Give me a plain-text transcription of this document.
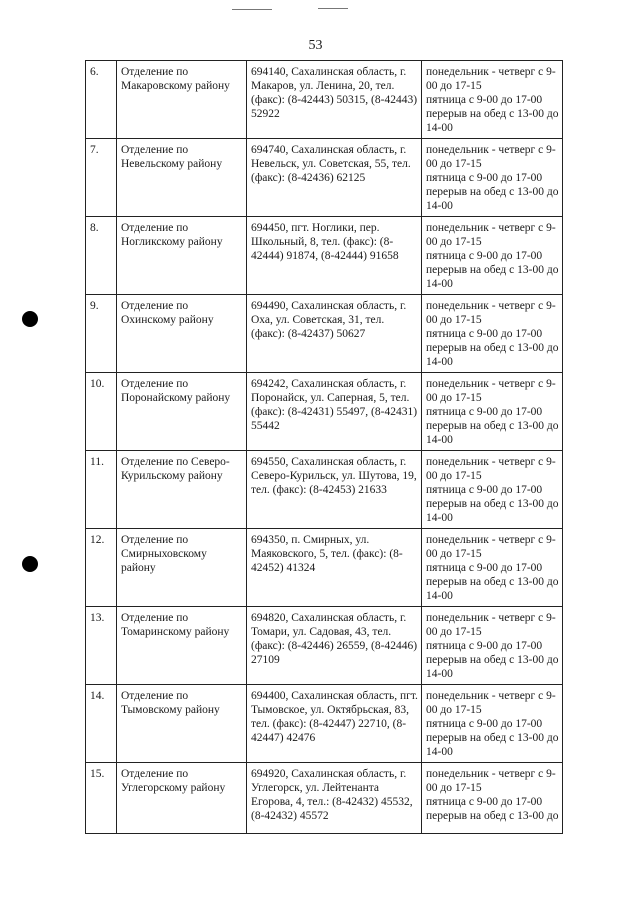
53
6.	Отделение по Макаровскому району	694140, Сахалинская область, г. Макаров, ул. Ленина, 20, тел. (факс): (8-42443) 50315, (8-42443) 52922	понедельник - четверг с 9-00 до 17-15
пятница с 9-00 до 17-00
перерыв на обед с 13-00 до 14-00

7.	Отделение по Невельскому району	694740, Сахалинская область, г. Невельск, ул. Советская, 55, тел. (факс): (8-42436) 62125	понедельник - четверг с 9-00 до 17-15
пятница с 9-00 до 17-00
перерыв на обед с 13-00 до 14-00

8.	Отделение по Ногликскому району	694450, пгт. Ноглики, пер. Школьный, 8, тел. (факс): (8-42444) 91874, (8-42444) 91658	понедельник - четверг с 9-00 до 17-15
пятница с 9-00 до 17-00
перерыв на обед с 13-00 до 14-00

9.	Отделение по Охинскому району	694490, Сахалинская область, г. Оха, ул. Советская, 31, тел. (факс): (8-42437) 50627	понедельник - четверг с 9-00 до 17-15
пятница с 9-00 до 17-00
перерыв на обед с 13-00 до 14-00

10.	Отделение по Поронайскому району	694242, Сахалинская область, г. Поронайск, ул. Саперная, 5, тел. (факс): (8-42431) 55497, (8-42431) 55442	понедельник - четверг с 9-00 до 17-15
пятница с 9-00 до 17-00
перерыв на обед с 13-00 до 14-00

11.	Отделение по Северо-Курильскому району	694550, Сахалинская область, г. Северо-Курильск, ул. Шутова, 19, тел. (факс): (8-42453) 21633	понедельник - четверг с 9-00 до 17-15
пятница с 9-00 до 17-00
перерыв на обед с 13-00 до 14-00

12.	Отделение по Смирныховскому району	694350, п. Смирных, ул. Маяковского, 5, тел. (факс): (8-42452) 41324	понедельник - четверг с 9-00 до 17-15
пятница с 9-00 до 17-00
перерыв на обед с 13-00 до 14-00

13.	Отделение по Томаринскому району	694820, Сахалинская область, г. Томари, ул. Садовая, 43, тел. (факс): (8-42446) 26559, (8-42446) 27109	понедельник - четверг с 9-00 до 17-15
пятница с 9-00 до 17-00
перерыв на обед с 13-00 до 14-00

14.	Отделение по Тымовскому району	694400, Сахалинская область, пгт. Тымовское, ул. Октябрьская, 83, тел. (факс): (8-42447) 22710, (8-42447) 42476	понедельник - четверг с 9-00 до 17-15
пятница с 9-00 до 17-00
перерыв на обед с 13-00 до 14-00

15.	Отделение по Углегорскому району	694920, Сахалинская область, г. Углегорск, ул. Лейтенанта Егорова, 4, тел.: (8-42432) 45532, (8-42432) 45572	понедельник - четверг с 9-00 до 17-15
пятница с 9-00 до 17-00
перерыв на обед с 13-00 до
